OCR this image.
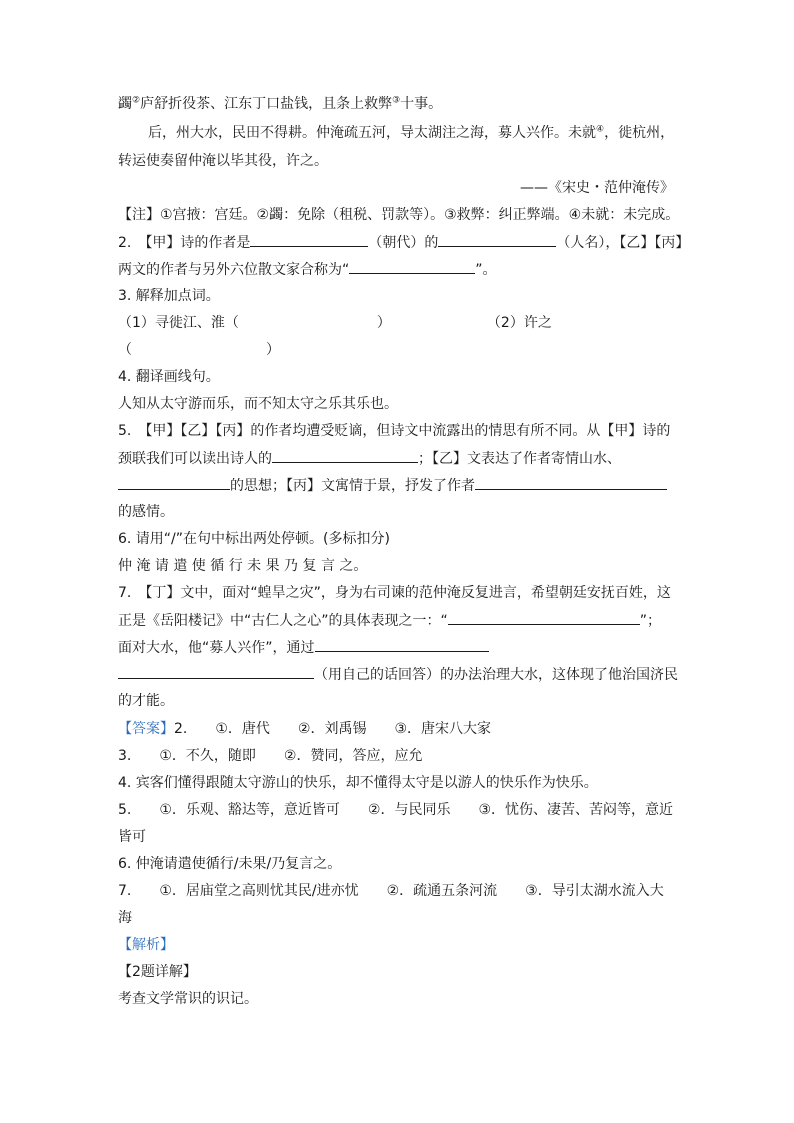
蠲②庐舒折役茶、江东丁口盐钱，且条上救弊③十事。
后，州大水，民田不得耕。仲淹疏五河，导太湖注之海，募人兴作。未就④，徙杭州，
转运使奏留仲淹以毕其役，许之。
——《宋史・范仲淹传》
【注】①宫掖：宫廷。②蠲：免除（租税、罚款等）。③救弊：纠正弊端。④未就：未完成。
2.　【甲】诗的作者是	（朝代）的	（人名），【乙】【丙】
两文的作者与另外六位散文家合称为“	”。
3. 解释加点词。
（1）寻徙江、淮（	）	（2）许之
（	）
4. 翻译画线句。
人知从太守游而乐，而不知太守之乐其乐也。
5.　【甲】【乙】【丙】的作者均遭受贬谪，但诗文中流露出的情思有所不同。从【甲】诗的
颈联我们可以读出诗人的	；【乙】文表达了作者寄情山水、
的思想；【丙】文寓情于景，抒发了作者
的感情。
6. 请用“/”在句中标出两处停顿。(多标扣分)
仲 淹 请 遣 使 循 行 未 果 乃 复 言 之。
7.　【丁】文中，面对“蝗旱之灾”，身为右司谏的范仲淹反复进言，希望朝廷安抚百姓，这
正是《岳阳楼记》中“古仁人之心”的具体表现之一：“	”；
面对大水，他“募人兴作”，通过
（用自己的话回答）的办法治理大水，这体现了他治国济民
的才能。
【答案】2.　　①．唐代　　②．刘禹锡　　③．唐宋八大家
3.　　①．不久，随即　　②．赞同，答应，应允
4. 宾客们懂得跟随太守游山的快乐，却不懂得太守是以游人的快乐作为快乐。
5.　　①．乐观、豁达等，意近皆可　　②．与民同乐　　③．忧伤、凄苦、苦闷等，意近
皆可
6. 仲淹请遣使循行/未果/乃复言之。
7.　　①．居庙堂之高则忧其民/进亦忧　　②．疏通五条河流　　③．导引太湖水流入大
海
【解析】
【2题详解】
考查文学常识的识记。
